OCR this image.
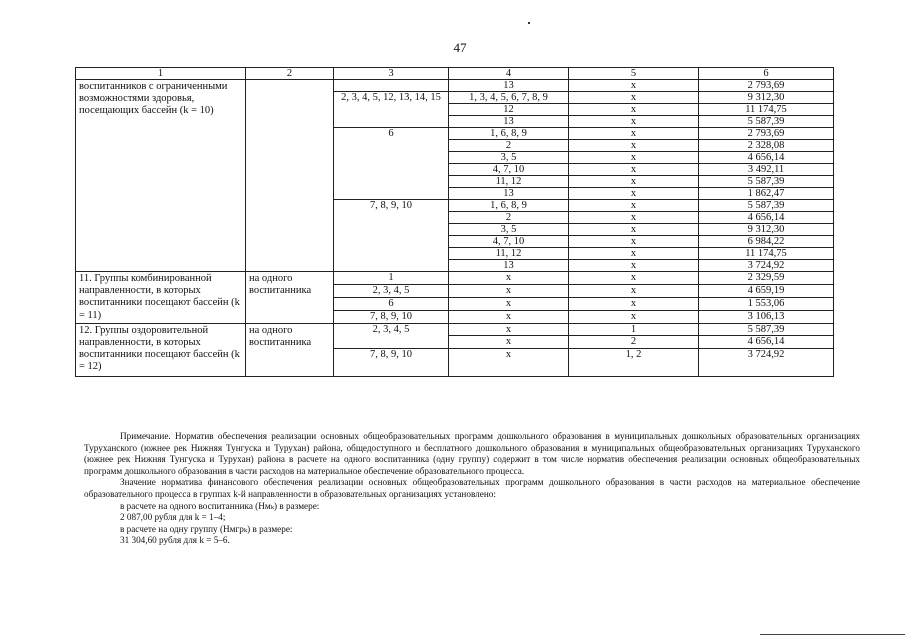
47
1	2	3	4	5	6
воспитанников с ограниченными возможностями здоровья, посещающих бассейн (k = 10)			13	x	2 793,69
		2, 3, 4, 5, 12, 13, 14, 15	1, 3, 4, 5, 6, 7, 8, 9	x	9 312,30
			12	x	11 174,75
			13	x	5 587,39
		6	1, 6, 8, 9	x	2 793,69
			2	x	2 328,08
			3, 5	x	4 656,14
			4, 7, 10	x	3 492,11
			11, 12	x	5 587,39
			13	x	1 862,47
		7, 8, 9, 10	1, 6, 8, 9	x	5 587,39
			2	x	4 656,14
			3, 5	x	9 312,30
			4, 7, 10	x	6 984,22
			11, 12	x	11 174,75
			13	x	3 724,92
11. Группы комбинированной направленности, в которых воспитанники посещают бассейн (k = 11)	на одного воспитанника	1	x	x	2 329,59
		2, 3, 4, 5	x	x	4 659,19
		6	x	x	1 553,06
		7, 8, 9, 10	x	x	3 106,13
12. Группы оздоровительной направленности, в которых воспитанники посещают бассейн (k = 12)	на одного воспитанника	2, 3, 4, 5	x	1	5 587,39
			x	2	4 656,14
		7, 8, 9, 10	x	1, 2	3 724,92

Примечание. Норматив обеспечения реализации основных общеобразовательных программ дошкольного образования в муниципальных дошкольных образовательных организациях Туруханского (южнее рек Нижняя Тунгуска и Турухан) района, общедоступного и бесплатного дошкольного образования в муниципальных общеобразовательных организациях Туруханского (южнее рек Нижняя Тунгуска и Турухан) района в расчете на одного воспитанника (одну группу) содержит в том числе норматив обеспечения реализации основных общеобразовательных программ дошкольного образования в части расходов на материальное обеспечение образовательного процесса.

Значение норматива финансового обеспечения реализации основных общеобразовательных программ дошкольного образования в части расходов на материальное обеспечение образовательного процесса в группах k-й направленности в образовательных организациях установлено:

в расчете на одного воспитанника (Нмₖ) в размере:

2 087,00 рубля для k = 1–4;

в расчете на одну группу (Нмгрₖ) в размере:

31 304,60 рубля для k = 5–6.
